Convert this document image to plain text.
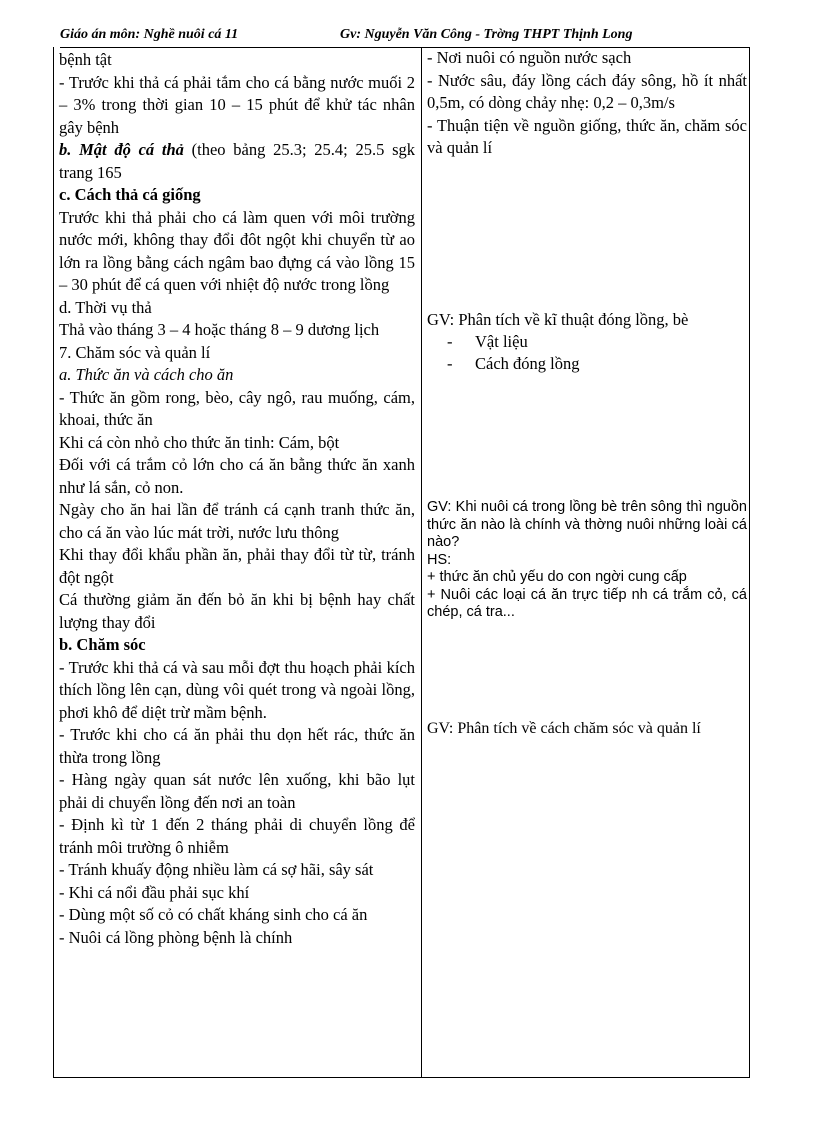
Giáo án môn: Nghề nuôi cá 11	Gv: Nguyễn Văn Công - Trờng THPT Thịnh Long

bệnh tật

- Trước khi thả cá phải tắm cho cá bằng nước muối 2 – 3% trong thời gian 10 – 15 phút để khử tác nhân gây bệnh

b. Mật độ cá thả (theo bảng 25.3; 25.4; 25.5 sgk trang 165

c. Cách thả cá giống

Trước khi thả phải cho cá làm quen với môi trường nước mới, không thay đổi đôt ngột khi chuyển từ ao lớn ra lồng bằng cách ngâm bao đựng cá vào lồng 15 – 30 phút để cá quen với nhiệt độ nước trong lồng

d. Thời vụ thả

Thả vào tháng 3 – 4 hoặc tháng 8 – 9 dương lịch

7. Chăm sóc và quản lí

a. Thức ăn và cách cho ăn

- Thức ăn gồm rong, bèo, cây ngô, rau muống, cám, khoai, thức ăn

Khi cá còn nhỏ cho thức ăn tinh: Cám, bột

Đối với cá trắm cỏ lớn cho cá ăn bằng thức ăn xanh như lá sắn, cỏ non.

Ngày cho ăn hai lần để tránh cá cạnh tranh thức ăn, cho cá ăn vào lúc mát trời, nước lưu thông

Khi thay đổi khẩu phần ăn, phải thay đổi từ từ, tránh đột ngột

Cá thường giảm ăn đến bỏ ăn khi bị bệnh hay chất lượng thay đổi

b. Chăm sóc

- Trước khi thả cá và sau mỗi đợt thu hoạch phải kích thích lồng lên cạn, dùng vôi quét trong và ngoài lồng, phơi khô để diệt trừ mầm bệnh.

- Trước khi cho cá ăn phải thu dọn hết rác, thức ăn thừa trong lồng

- Hàng ngày quan sát nước lên xuống, khi bão lụt phải di chuyển lồng đến nơi an toàn

- Định kì từ 1 đến 2 tháng phải di chuyển lồng để tránh môi trường ô nhiễm

- Tránh khuấy động nhiều làm cá sợ hãi, sây sát

- Khi cá nổi đầu phải sục khí

- Dùng một số cỏ có chất kháng sinh cho cá ăn

- Nuôi cá lồng phòng bệnh là chính

- Nơi nuôi có nguồn nước sạch

- Nước sâu, đáy lồng cách đáy sông, hồ ít nhất 0,5m, có dòng chảy nhẹ: 0,2 – 0,3m/s

- Thuận tiện về nguồn giống, thức ăn, chăm sóc và quản lí

GV: Phân tích về kĩ thuật đóng lồng, bè

- Vật liệu

- Cách đóng lồng

GV: Khi nuôi cá trong lồng bè trên sông thì nguồn thức ăn nào là chính và thờng nuôi những loài cá nào?

HS:

+ thức ăn chủ yếu do con ngời cung cấp

+ Nuôi các loại cá ăn trực tiếp nh cá trắm cỏ, cá chép, cá tra...

GV: Phân tích về cách chăm sóc và quản lí
